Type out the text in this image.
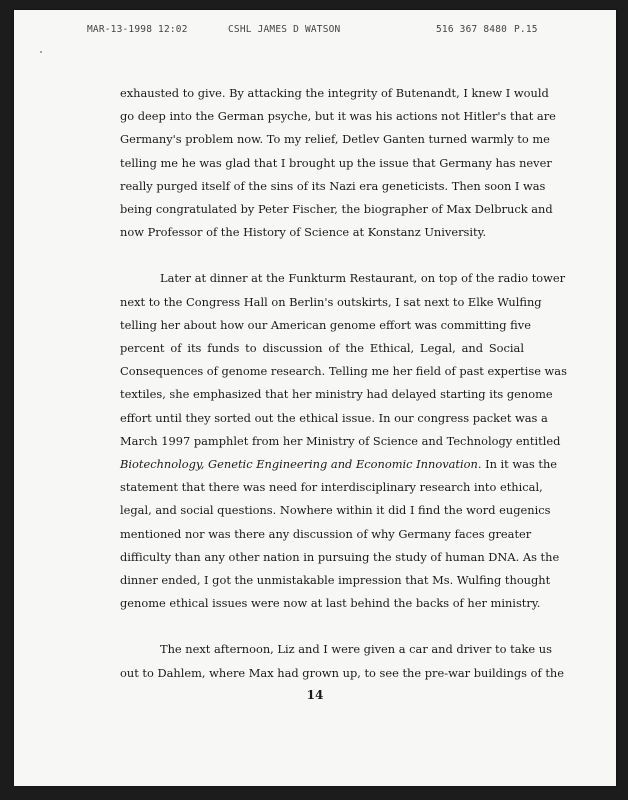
MAR-13-1998 12:02	CSHL JAMES D WATSON	516 367 8480 P.15
exhausted to give. By attacking the integrity of Butenandt, I knew I would
go deep into the German psyche, but it was his actions not Hitler's that are
Germany's problem now. To my relief, Detlev Ganten turned warmly to me
telling me he was glad that I brought up the issue that Germany has never
really purged itself of the sins of its Nazi era geneticists. Then soon I was
being congratulated by Peter Fischer, the biographer of Max Delbruck and
now Professor of the History of Science at Konstanz University.
Later at dinner at the Funkturm Restaurant, on top of the radio tower
next to the Congress Hall on Berlin's outskirts, I sat next to Elke Wulfing
telling her about how our American genome effort was committing five
percent of its funds to discussion of the Ethical, Legal, and Social
Consequences of genome research. Telling me her field of past expertise was
textiles, she emphasized that her ministry had delayed starting its genome
effort until they sorted out the ethical issue. In our congress packet was a
March 1997 pamphlet from her Ministry of Science and Technology entitled
Biotechnology, Genetic Engineering and Economic Innovation. In it was the
statement that there was need for interdisciplinary research into ethical,
legal, and social questions. Nowhere within it did I find the word eugenics
mentioned nor was there any discussion of why Germany faces greater
difficulty than any other nation in pursuing the study of human DNA. As the
dinner ended, I got the unmistakable impression that Ms. Wulfing thought
genome ethical issues were now at last behind the backs of her ministry.
The next afternoon, Liz and I were given a car and driver to take us
out to Dahlem, where Max had grown up, to see the pre-war buildings of the
14
